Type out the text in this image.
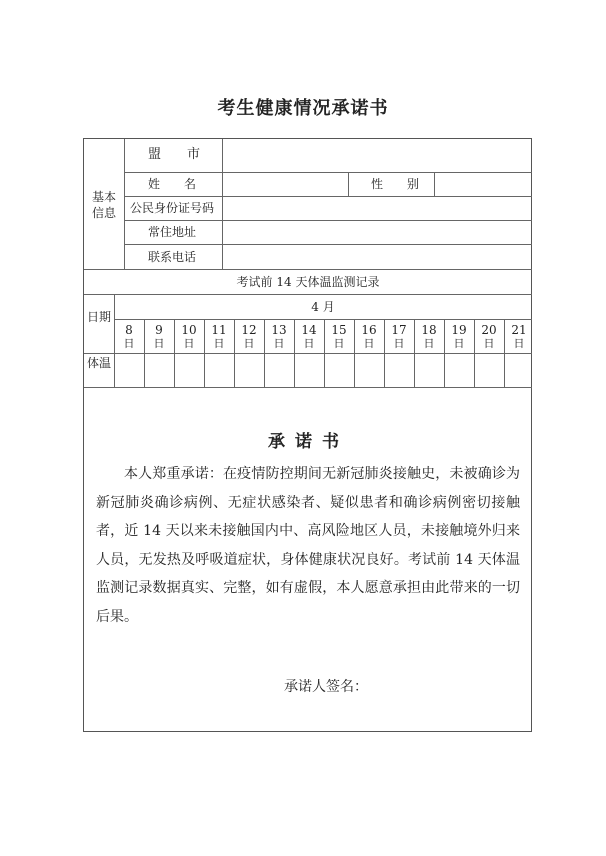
考生健康情况承诺书
基本信息
盟　　市
姓　　名	性　　别
公民身份证号码
常住地址
联系电话
考试前 14 天体温监测记录
日期
4 月
体温
8
日
9
日
10
日
11
日
12
日
13
日
14
日
15
日
16
日
17
日
18
日
19
日
20
日
21
日
承诺书

本人郑重承诺：在疫情防控期间无新冠肺炎接触史，未被确诊为新冠肺炎确诊病例、无症状感染者、疑似患者和确诊病例密切接触者，近 14 天以来未接触国内中、高风险地区人员，未接触境外归来人员，无发热及呼吸道症状，身体健康状况良好。考试前 14 天体温监测记录数据真实、完整，如有虚假，本人愿意承担由此带来的一切后果。

承诺人签名：
